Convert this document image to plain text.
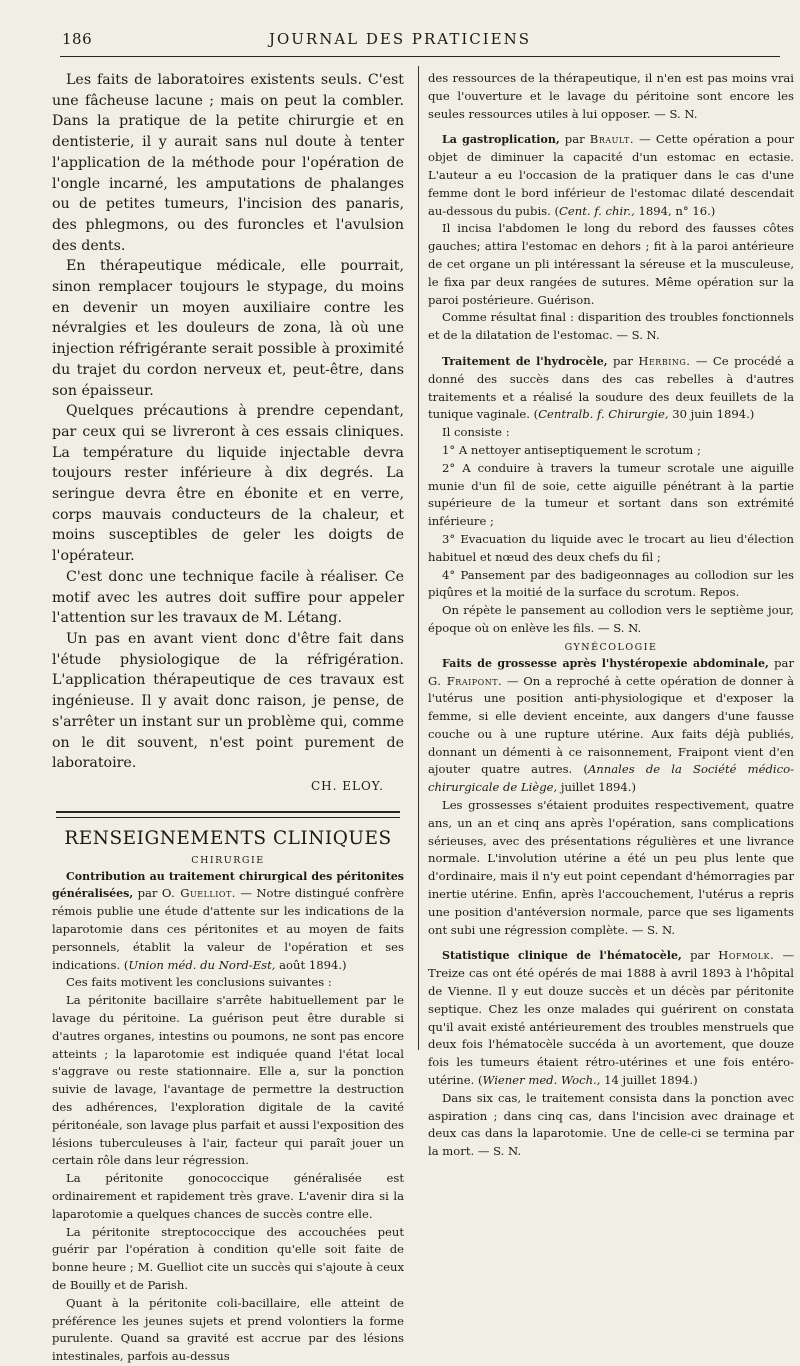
186	JOURNAL DES PRATICIENS

Les faits de laboratoires existents seuls. C'est une fâcheuse lacune ; mais on peut la combler. Dans la pratique de la petite chirurgie et en dentisterie, il y aurait sans nul doute à tenter l'application de la méthode pour l'opération de l'ongle incarné, les amputations de phalanges ou de petites tumeurs, l'incision des panaris, des phlegmons, ou des furoncles et l'avulsion des dents.

En thérapeutique médicale, elle pourrait, sinon remplacer toujours le stypage, du moins en devenir un moyen auxiliaire contre les névralgies et les douleurs de zona, là où une injection réfrigérante serait possible à proximité du trajet du cordon nerveux et, peut-être, dans son épaisseur.

Quelques précautions à prendre cependant, par ceux qui se livreront à ces essais cliniques. La température du liquide injectable devra toujours rester inférieure à dix degrés. La seringue devra être en ébonite et en verre, corps mauvais conducteurs de la chaleur, et moins susceptibles de geler les doigts de l'opérateur.

C'est donc une technique facile à réaliser. Ce motif avec les autres doit suffire pour appeler l'attention sur les travaux de M. Létang.

Un pas en avant vient donc d'être fait dans l'étude physiologique de la réfrigération. L'application thérapeutique de ces travaux est ingénieuse. Il y avait donc raison, je pense, de s'arrêter un instant sur un problème qui, comme on le dit souvent, n'est point purement de laboratoire.

CH. ELOY.

RENSEIGNEMENTS CLINIQUES
CHIRURGIE

Contribution au traitement chirurgical des péritonites généralisées, par O. Guelliot. — Notre distingué confrère rémois publie une étude d'attente sur les indications de la laparotomie dans ces péritonites et au moyen de faits personnels, établit la valeur de l'opération et ses indications. (Union méd. du Nord-Est, août 1894.)

Ces faits motivent les conclusions suivantes :

La péritonite bacillaire s'arrête habituellement par le lavage du péritoine. La guérison peut être durable si d'autres organes, intestins ou poumons, ne sont pas encore atteints ; la laparotomie est indiquée quand l'état local s'aggrave ou reste stationnaire. Elle a, sur la ponction suivie de lavage, l'avantage de permettre la destruction des adhérences, l'exploration digitale de la cavité péritonéale, son lavage plus parfait et aussi l'exposition des lésions tuberculeuses à l'air, facteur qui paraît jouer un certain rôle dans leur régression.

La péritonite gonococcique généralisée est ordinairement et rapidement très grave. L'avenir dira si la laparotomie a quelques chances de succès contre elle.

La péritonite streptococcique des accouchées peut guérir par l'opération à condition qu'elle soit faite de bonne heure ; M. Guelliot cite un succès qui s'ajoute à ceux de Bouilly et de Parish.

Quant à la péritonite coli-bacillaire, elle atteint de préférence les jeunes sujets et prend volontiers la forme purulente. Quand sa gravité est accrue par des lésions intestinales, parfois au-dessus

des ressources de la thérapeutique, il n'en est pas moins vrai que l'ouverture et le lavage du péritoine sont encore les seules ressources utiles à lui opposer. — S. N.

La gastroplication, par Brault. — Cette opération a pour objet de diminuer la capacité d'un estomac en ectasie. L'auteur a eu l'occasion de la pratiquer dans le cas d'une femme dont le bord inférieur de l'estomac dilaté descendait au-dessous du pubis. (Cent. f. chir., 1894, n° 16.)

Il incisa l'abdomen le long du rebord des fausses côtes gauches; attira l'estomac en dehors ; fit à la paroi antérieure de cet organe un pli intéressant la séreuse et la musculeuse, le fixa par deux rangées de sutures. Même opération sur la paroi postérieure. Guérison.

Comme résultat final : disparition des troubles fonctionnels et de la dilatation de l'estomac. — S. N.

Traitement de l'hydrocèle, par Herbing. — Ce procédé a donné des succès dans des cas rebelles à d'autres traitements et a réalisé la soudure des deux feuillets de la tunique vaginale. (Centralb. f. Chirurgie, 30 juin 1894.)

Il consiste :

1° A nettoyer antiseptiquement le scrotum ;

2° A conduire à travers la tumeur scrotale une aiguille munie d'un fil de soie, cette aiguille pénétrant à la partie supérieure de la tumeur et sortant dans son extrémité inférieure ;

3° Evacuation du liquide avec le trocart au lieu d'élection habituel et nœud des deux chefs du fil ;

4° Pansement par des badigeonnages au collodion sur les piqûres et la moitié de la surface du scrotum. Repos.

On répète le pansement au collodion vers le septième jour, époque où on enlève les fils. — S. N.

GYNÉCOLOGIE

Faits de grossesse après l'hystéropexie abdominale, par G. Fraipont. — On a reproché à cette opération de donner à l'utérus une position anti-physiologique et d'exposer la femme, si elle devient enceinte, aux dangers d'une fausse couche ou à une rupture utérine. Aux faits déjà publiés, donnant un démenti à ce raisonnement, Fraipont vient d'en ajouter quatre autres. (Annales de la Société médico-chirurgicale de Liège, juillet 1894.)

Les grossesses s'étaient produites respectivement, quatre ans, un an et cinq ans après l'opération, sans complications sérieuses, avec des présentations régulières et une livrance normale. L'involution utérine a été un peu plus lente que d'ordinaire, mais il n'y eut point cependant d'hémorragies par inertie utérine. Enfin, après l'accouchement, l'utérus a repris une position d'antéversion normale, parce que ses ligaments ont subi une régression complète. — S. N.

Statistique clinique de l'hématocèle, par Hofmolk. — Treize cas ont été opérés de mai 1888 à avril 1893 à l'hôpital de Vienne. Il y eut douze succès et un décès par péritonite septique. Chez les onze malades qui guérirent on constata qu'il avait existé antérieurement des troubles menstruels que deux fois l'hématocèle succéda à un avortement, que douze fois les tumeurs étaient rétro-utérines et une fois entéro-utérine. (Wiener med. Woch., 14 juillet 1894.)

Dans six cas, le traitement consista dans la ponction avec aspiration ; dans cinq cas, dans l'incision avec drainage et deux cas dans la laparotomie. Une de celle-ci se termina par la mort. — S. N.
